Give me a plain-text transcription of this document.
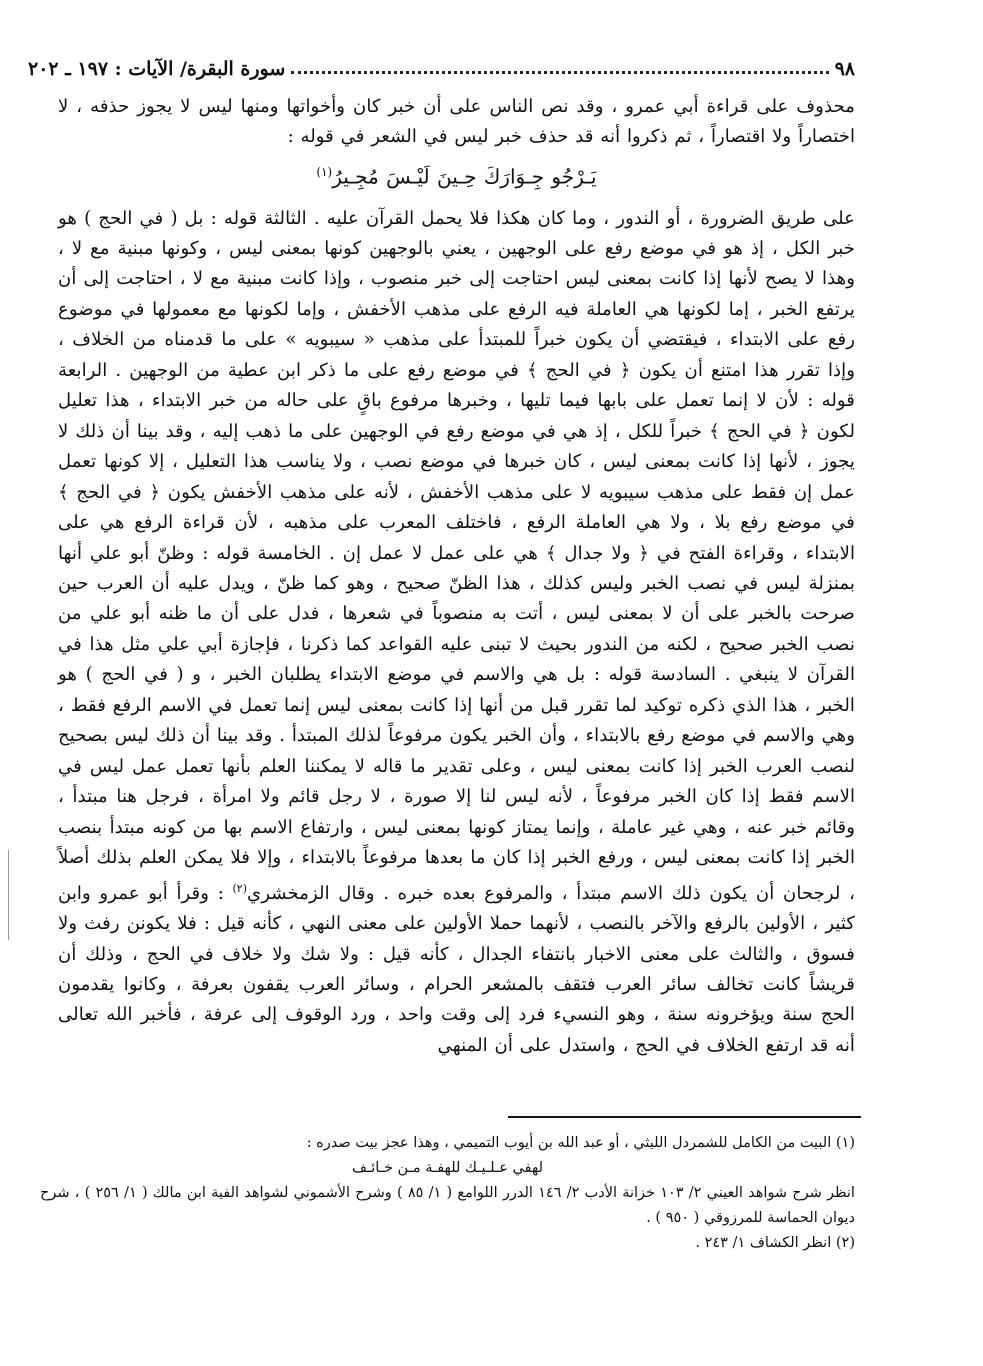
٩٨
سورة البقرة/ الآيات : ١٩٧ ـ ٢٠٢

محذوف على قراءة أبي عمرو ، وقد نص الناس على أن خبر كان وأخواتها ومنها ليس لا يجوز حذفه ، لا اختصاراً ولا اقتصاراً ، ثم ذكروا أنه قد حذف خبر ليس في الشعر في قوله :

يَـرْجُو جِـوَارَكَ حِـينَ لَيْـسَ مُجِـيرُ$^{(١)}$

على طريق الضرورة ، أو الندور ، وما كان هكذا فلا يحمل القرآن عليه . الثالثة قوله : بل ( في الحج ) هو خبر الكل ، إذ هو في موضع رفع على الوجهين ، يعني بالوجهين كونها بمعنى ليس ، وكونها مبنية مع لا ، وهذا لا يصح لأنها إذا كانت بمعنى ليس احتاجت إلى خبر منصوب ، وإذا كانت مبنية مع لا ، احتاجت إلى أن يرتفع الخبر ، إما لكونها هي العاملة فيه الرفع على مذهب الأخفش ، وإما لكونها مع معمولها في موضوع رفع على الابتداء ، فيقتضي أن يكون خبراً للمبتدأ على مذهب « سيبويه » على ما قدمناه من الخلاف ، وإذا تقرر هذا امتنع أن يكون ﴿ في الحج ﴾ في موضع رفع على ما ذكر ابن عطية من الوجهين . الرابعة قوله : لأن لا إنما تعمل على بابها فيما تليها ، وخبرها مرفوع باقٍ على حاله من خبر الابتداء ، هذا تعليل لكون ﴿ في الحج ﴾ خبراً للكل ، إذ هي في موضع رفع في الوجهين على ما ذهب إليه ، وقد بينا أن ذلك لا يجوز ، لأنها إذا كانت بمعنى ليس ، كان خبرها في موضع نصب ، ولا يناسب هذا التعليل ، إلا كونها تعمل عمل إن فقط على مذهب سيبويه لا على مذهب الأخفش ، لأنه على مذهب الأخفش يكون ﴿ في الحج ﴾ في موضع رفع بلا ، ولا هي العاملة الرفع ، فاختلف المعرب على مذهبه ، لأن قراءة الرفع هي على الابتداء ، وقراءة الفتح في ﴿ ولا جدال ﴾ هي على عمل لا عمل إن . الخامسة قوله : وظنّ أبو علي أنها بمنزلة ليس في نصب الخبر وليس كذلك ، هذا الظنّ صحيح ، وهو كما ظنّ ، ويدل عليه أن العرب حين صرحت بالخبر على أن لا بمعنى ليس ، أتت به منصوباً في شعرها ، فدل على أن ما ظنه أبو علي من نصب الخبر صحيح ، لكنه من الندور بحيث لا تبنى عليه القواعد كما ذكرنا ، فإجازة أبي علي مثل هذا في القرآن لا ينبغي . السادسة قوله : بل هي والاسم في موضع الابتداء يطلبان الخبر ، و ( في الحج ) هو الخبر ، هذا الذي ذكره توكيد لما تقرر قبل من أنها إذا كانت بمعنى ليس إنما تعمل في الاسم الرفع فقط ، وهي والاسم في موضع رفع بالابتداء ، وأن الخبر يكون مرفوعاً لذلك المبتدأ . وقد بينا أن ذلك ليس بصحيح لنصب العرب الخبر إذا كانت بمعنى ليس ، وعلى تقدير ما قاله لا يمكننا العلم بأنها تعمل عمل ليس في الاسم فقط إذا كان الخبر مرفوعاً ، لأنه ليس لنا إلا صورة ، لا رجل قائم ولا امرأة ، فرجل هنا مبتدأ ، وقائم خبر عنه ، وهي غير عاملة ، وإنما يمتاز كونها بمعنى ليس ، وارتفاع الاسم بها من كونه مبتدأ بنصب الخبر إذا كانت بمعنى ليس ، ورفع الخبر إذا كان ما بعدها مرفوعاً بالابتداء ، وإلا فلا يمكن العلم بذلك أصلاً ، لرجحان أن يكون ذلك الاسم مبتدأ ، والمرفوع بعده خبره . وقال الزمخشري$^{(٢)}$ : وقرأ أبو عمرو وابن كثير ، الأولين بالرفع والآخر بالنصب ، لأنهما حملا الأولين على معنى النهي ، كأنه قيل : فلا يكونن رفث ولا فسوق ، والثالث على معنى الاخبار بانتفاء الجدال ، كأنه قيل : ولا شك ولا خلاف في الحج ، وذلك أن قريشاً كانت تخالف سائر العرب فتقف بالمشعر الحرام ، وسائر العرب يقفون بعرفة ، وكانوا يقدمون الحج سنة ويؤخرونه سنة ، وهو النسيء فرد إلى وقت واحد ، ورد الوقوف إلى عرفة ، فأخبر الله تعالى أنه قد ارتفع الخلاف في الحج ، واستدل على أن المنهي

(١) البيت من الكامل للشمردل الليثي ، أو عبد الله بن أيوب التميمي ، وهذا عجز بيت صدره :

لهفي عـلـيـك للهفـة مـن خـائـف

انظر شرح شواهد العيني ٢/ ١٠٣ خزانة الأدب ٢/ ١٤٦ الدرر اللوامع ( ١/ ٨٥ ) وشرح الأشموني لشواهد الفية ابن مالك ( ١/ ٢٥٦ ) ، شرح ديوان الحماسة للمرزوقي ( ٩٥٠ ) .

(٢) انظر الكشاف ١/ ٢٤٣ .
